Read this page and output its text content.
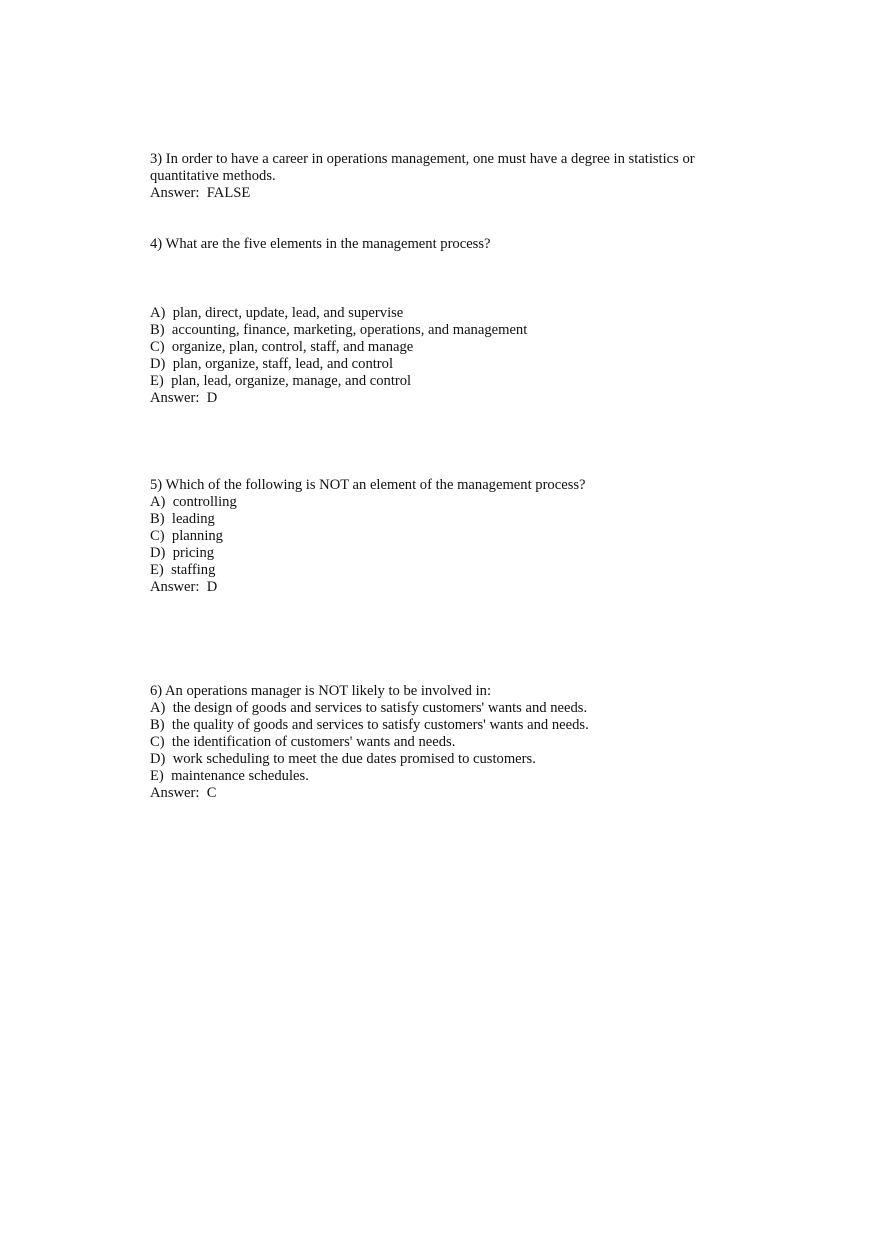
3) In order to have a career in operations management, one must have a degree in statistics or quantitative methods.
Answer:  FALSE
4) What are the five elements in the management process?
A)  plan, direct, update, lead, and supervise
B)  accounting, finance, marketing, operations, and management
C)  organize, plan, control, staff, and manage
D)  plan, organize, staff, lead, and control
E)  plan, lead, organize, manage, and control
Answer:  D
5) Which of the following is NOT an element of the management process?
A)  controlling
B)  leading
C)  planning
D)  pricing
E)  staffing
Answer:  D
6) An operations manager is NOT likely to be involved in:
A)  the design of goods and services to satisfy customers' wants and needs.
B)  the quality of goods and services to satisfy customers' wants and needs.
C)  the identification of customers' wants and needs.
D)  work scheduling to meet the due dates promised to customers.
E)  maintenance schedules.
Answer:  C
